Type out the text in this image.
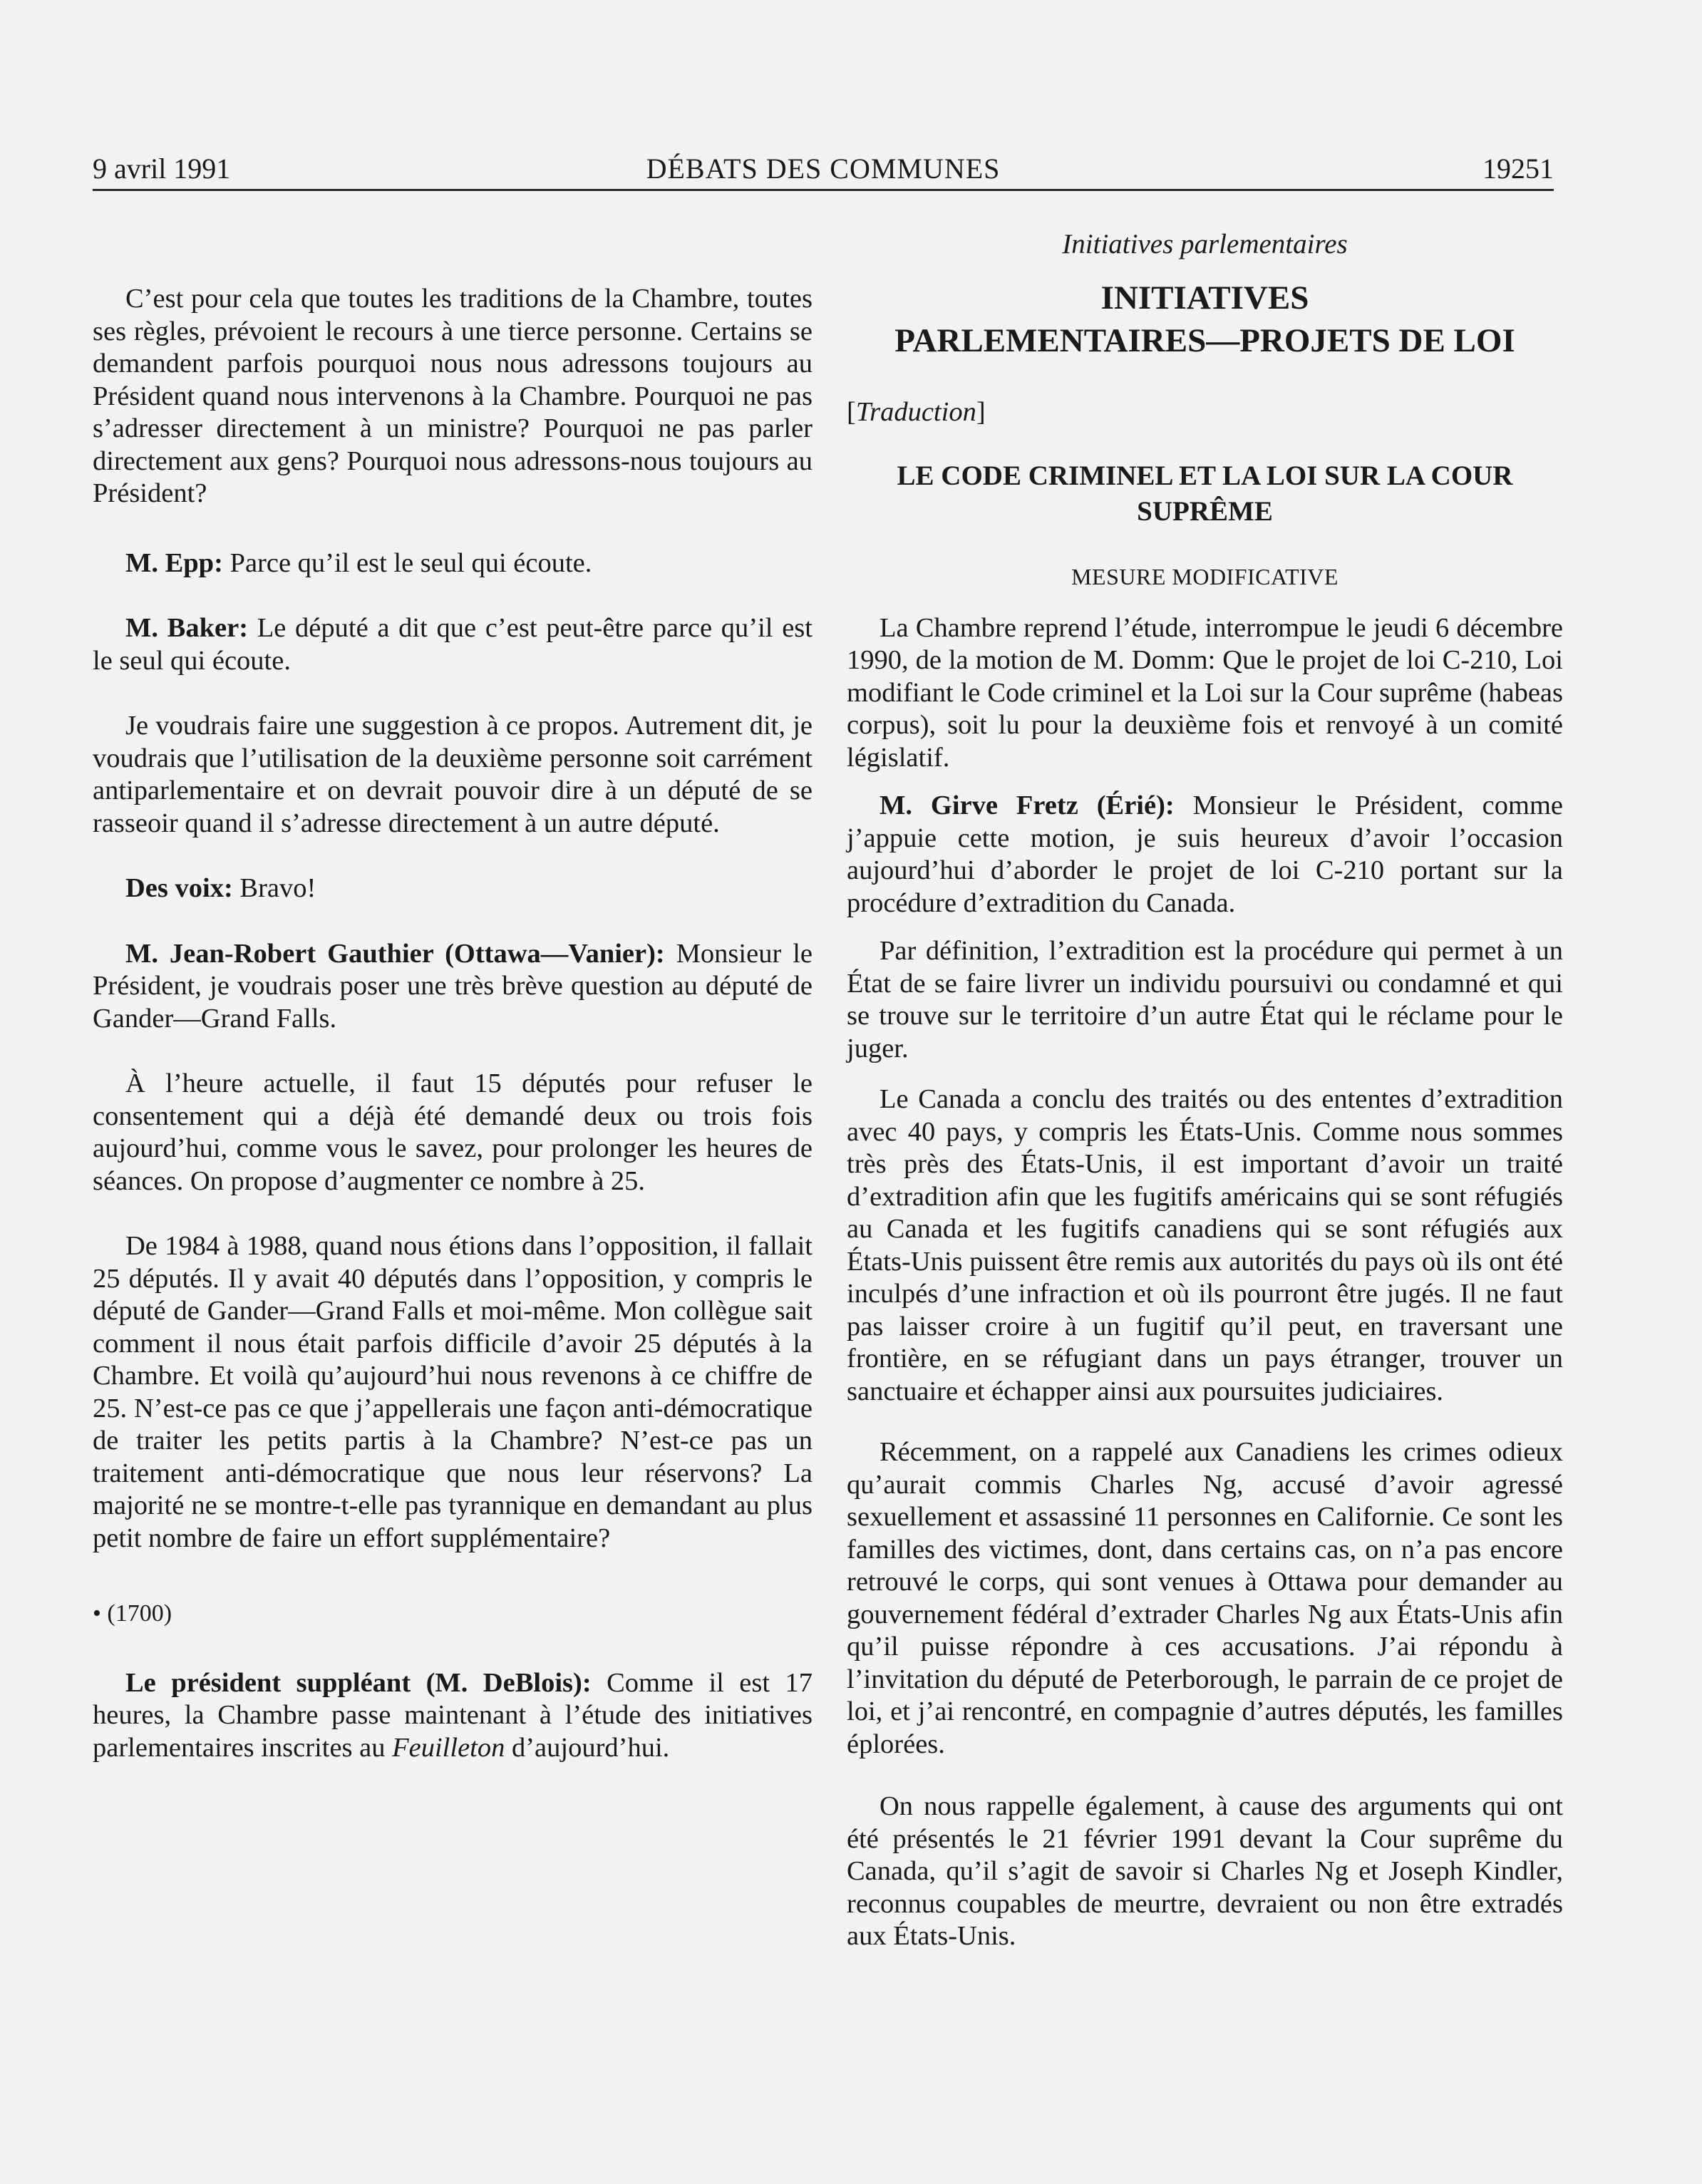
9 avril 1991	DÉBATS DES COMMUNES	19251

C’est pour cela que toutes les traditions de la Chambre, toutes ses règles, prévoient le recours à une tierce personne. Certains se demandent parfois pourquoi nous nous adressons toujours au Président quand nous intervenons à la Chambre. Pourquoi ne pas s’adresser directement à un ministre? Pourquoi ne pas parler directement aux gens? Pourquoi nous adressons-nous toujours au Président?

M. Epp: Parce qu’il est le seul qui écoute.

M. Baker: Le député a dit que c’est peut-être parce qu’il est le seul qui écoute.

Je voudrais faire une suggestion à ce propos. Autrement dit, je voudrais que l’utilisation de la deuxième personne soit carrément antiparlementaire et on devrait pouvoir dire à un député de se rasseoir quand il s’adresse directement à un autre député.

Des voix: Bravo!

M. Jean-Robert Gauthier (Ottawa—Vanier): Monsieur le Président, je voudrais poser une très brève question au député de Gander—Grand Falls.

À l’heure actuelle, il faut 15 députés pour refuser le consentement qui a déjà été demandé deux ou trois fois aujourd’hui, comme vous le savez, pour prolonger les heures de séances. On propose d’augmenter ce nombre à 25.

De 1984 à 1988, quand nous étions dans l’opposition, il fallait 25 députés. Il y avait 40 députés dans l’opposition, y compris le député de Gander—Grand Falls et moi-même. Mon collègue sait comment il nous était parfois difficile d’avoir 25 députés à la Chambre. Et voilà qu’aujourd’hui nous revenons à ce chiffre de 25. N’est-ce pas ce que j’appellerais une façon anti-démocratique de traiter les petits partis à la Chambre? N’est-ce pas un traitement anti-démocratique que nous leur réservons? La majorité ne se montre-t-elle pas tyrannique en demandant au plus petit nombre de faire un effort supplémentaire?

• (1700)

Le président suppléant (M. DeBlois): Comme il est 17 heures, la Chambre passe maintenant à l’étude des initiatives parlementaires inscrites au Feuilleton d’aujourd’hui.

Initiatives parlementaires
INITIATIVES
PARLEMENTAIRES—PROJETS DE LOI

[Traduction]

LE CODE CRIMINEL ET LA LOI SUR LA COUR SUPRÊME
MESURE MODIFICATIVE

La Chambre reprend l’étude, interrompue le jeudi 6 décembre 1990, de la motion de M. Domm: Que le projet de loi C-210, Loi modifiant le Code criminel et la Loi sur la Cour suprême (habeas corpus), soit lu pour la deuxième fois et renvoyé à un comité législatif.

M. Girve Fretz (Érié): Monsieur le Président, comme j’appuie cette motion, je suis heureux d’avoir l’occasion aujourd’hui d’aborder le projet de loi C-210 portant sur la procédure d’extradition du Canada.

Par définition, l’extradition est la procédure qui permet à un État de se faire livrer un individu poursuivi ou condamné et qui se trouve sur le territoire d’un autre État qui le réclame pour le juger.

Le Canada a conclu des traités ou des ententes d’extradition avec 40 pays, y compris les États-Unis. Comme nous sommes très près des États-Unis, il est important d’avoir un traité d’extradition afin que les fugitifs américains qui se sont réfugiés au Canada et les fugitifs canadiens qui se sont réfugiés aux États-Unis puissent être remis aux autorités du pays où ils ont été inculpés d’une infraction et où ils pourront être jugés. Il ne faut pas laisser croire à un fugitif qu’il peut, en traversant une frontière, en se réfugiant dans un pays étranger, trouver un sanctuaire et échapper ainsi aux poursuites judiciaires.

Récemment, on a rappelé aux Canadiens les crimes odieux qu’aurait commis Charles Ng, accusé d’avoir agressé sexuellement et assassiné 11 personnes en Californie. Ce sont les familles des victimes, dont, dans certains cas, on n’a pas encore retrouvé le corps, qui sont venues à Ottawa pour demander au gouvernement fédéral d’extrader Charles Ng aux États-Unis afin qu’il puisse répondre à ces accusations. J’ai répondu à l’invitation du député de Peterborough, le parrain de ce projet de loi, et j’ai rencontré, en compagnie d’autres députés, les familles éplorées.

On nous rappelle également, à cause des arguments qui ont été présentés le 21 février 1991 devant la Cour suprême du Canada, qu’il s’agit de savoir si Charles Ng et Joseph Kindler, reconnus coupables de meurtre, devraient ou non être extradés aux États-Unis.
